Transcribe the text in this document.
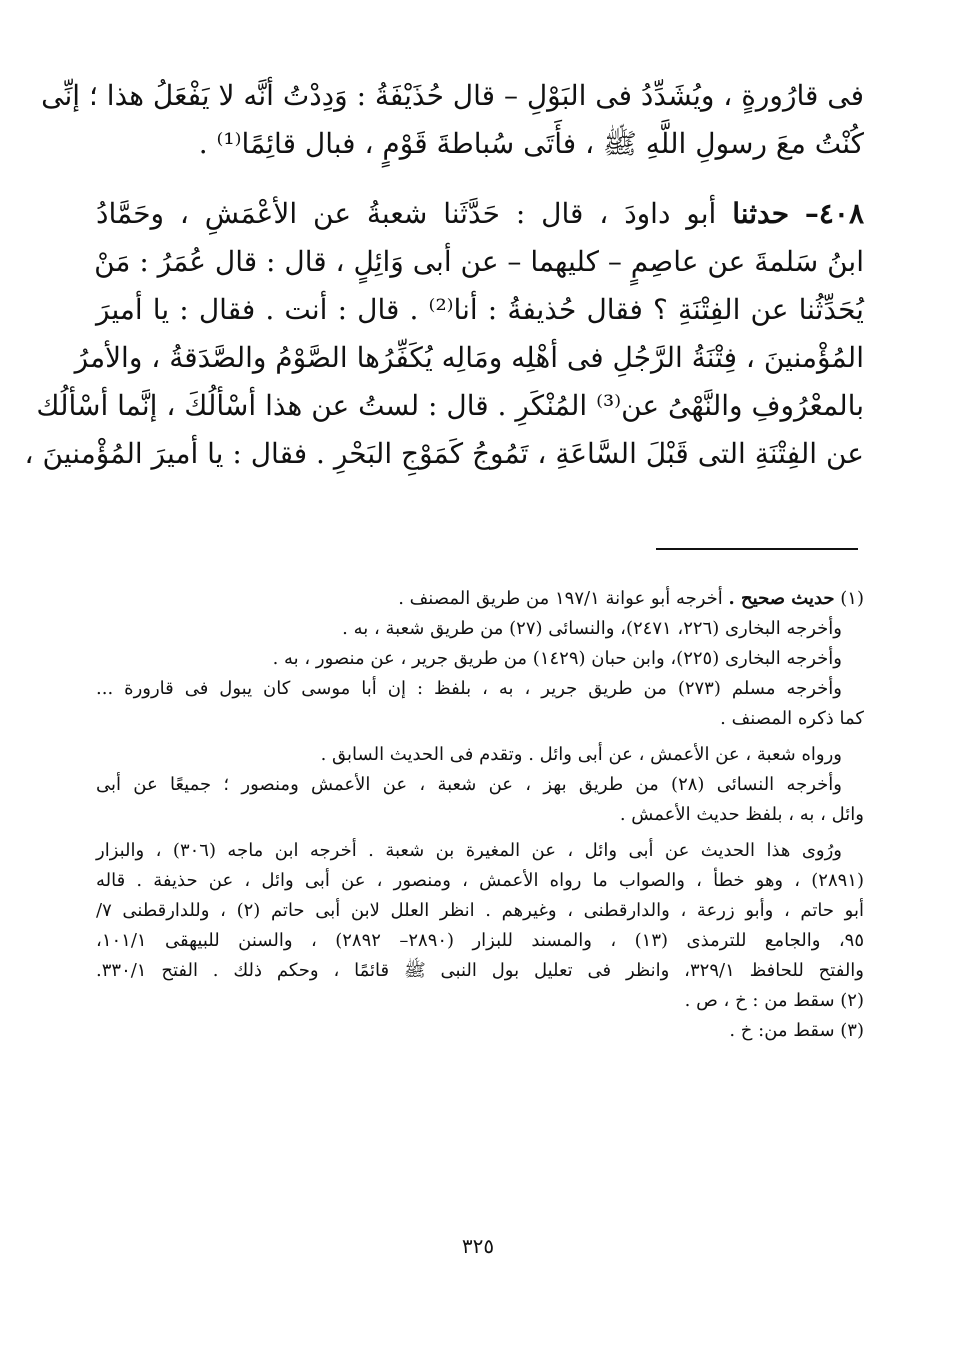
فى قارُورةٍ ، ويُشَدِّدُ فى البَوْلِ – قال حُذَيْفَةُ : وَدِدْتُ أنَّه لا يَفْعَلُ هذا ؛ إنِّى
كُنْتُ معَ رسولِ اللَّهِ ﷺ ، فأَتَى سُباطةَ قَوْمٍ ، فبال قائِمًا⁽¹⁾ .
٤٠٨– حدثنا أبو داودَ ، قال : حَدَّثَنا شعبةُ عن الأعْمَشِ ، وحَمَّادُ
ابنُ سَلمةَ عن عاصِمٍ – كليهما – عن أبى وَائِلٍ ، قال : قال عُمَرُ : مَنْ
يُحَدِّثُنا عن الفِتْنَةِ ؟ فقال حُذيفةُ : أنا⁽²⁾ . قال : أنت . فقال : يا أميرَ
المُؤْمنينَ ، فِتْنَةُ الرَّجُلِ فى أهْلِه ومَالِه يُكَفِّرُها الصَّوْمُ والصَّدَقةُ ، والأمرُ
بالمعْرُوفِ والنَّهْىُ عن⁽³⁾ المُنْكَرِ . قال : لستُ عن هذا أسْألُكَ ، إنَّما أسْألُك
عن الفِتْنَةِ التى قَبْلَ السَّاعَةِ ، تَمُوجُ كَمَوْجِ البَحْرِ . فقال : يا أميرَ المُؤْمنينَ ،
(١) حديث صحيح . أخرجه أبو عوانة ١٩٧/١ من طريق المصنف .
وأخرجه البخارى (٢٢٦، ٢٤٧١)، والنسائى (٢٧) من طريق شعبة ، به .
وأخرجه البخارى (٢٢٥)، وابن حبان (١٤٢٩) من طريق جرير ، عن منصور ، به .
وأخرجه مسلم (٢٧٣) من طريق جرير ، به ، بلفظ : إن أبا موسى كان يبول فى قارورة ...
كما ذكره المصنف .
ورواه شعبة ، عن الأعمش ، عن أبى وائل . وتقدم فى الحديث السابق .
وأخرجه النسائى (٢٨) من طريق بهز ، عن شعبة ، عن الأعمش ومنصور ؛ جميعًا عن أبى
وائل ، به ، بلفظ حديث الأعمش .
ورُوى هذا الحديث عن أبى وائل ، عن المغيرة بن شعبة . أخرجه ابن ماجه (٣٠٦) ، والبزار
(٢٨٩١) ، وهو خطأ ، والصواب ما رواه الأعمش ، ومنصور ، عن أبى وائل ، عن حذيفة . قاله
أبو حاتم ، وأبو زرعة ، والدارقطنى ، وغيرهم . انظر العلل لابن أبى حاتم (٢) ، وللدارقطنى ٧/
٩٥، والجامع للترمذى (١٣) ، والمسند للبزار (٢٨٩٠– ٢٨٩٢) ، والسنن للبيهقى ١٠١/١،
والفتح للحافظ ٣٢٩/١، وانظر فى تعليل بول النبى ﷺ قائمًا ، وحكم ذلك . الفتح ٣٣٠/١.
(٢) سقط من : خ ، ص .
(٣) سقط من: خ .
٣٢٥
